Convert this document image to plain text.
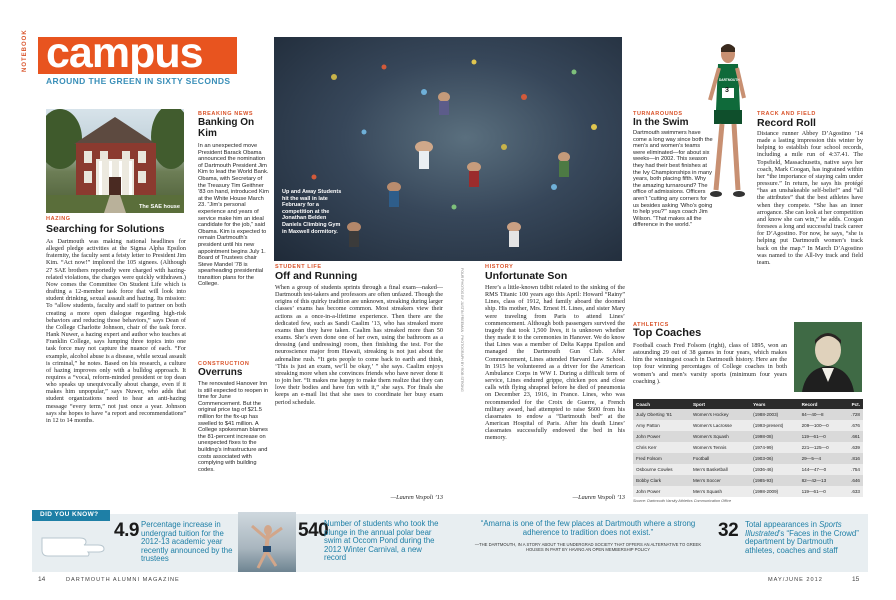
NOTEBOOK campus
AROUND THE GREEN IN SIXTY SECONDS
The SAE house
HAZING
Searching for Solutions
As Dartmouth was making national headlines for alleged pledge activities at the Sigma Alpha Epsilon fraternity, the faculty sent a feisty letter to President Jim Kim. “Act now!” implored the 105 signees. (Although 27 SAE brothers reportedly were charged with hazing-related violations, the charges were quickly withdrawn.) Now comes the Committee On Student Life which is drafting a 12-member task force that will look into student drinking, sexual assault and hazing. Its mission: To “allow students, faculty and staff to partner on both creating a more open dialogue regarding high-risk behaviors and reducing those behaviors,” says Dean of the College Charlotte Johnson, chair of the task force. Hank Nuwer, a hazing expert and author who teaches at Franklin College, says lumping three topics into one task force may not capture the nuance of each. “For example, alcohol abuse is a disease, while sexual assault is criminal,” he notes. Based on his research, a culture of hazing improves only with a bulldog approach. It requires a “vocal, reform-minded president or top dean who speaks up unequivocally about change, even if it makes him unpopular,” says Nuwer, who adds that student organizations need to hear an anti-hazing message “every term,” not just once a year. Johnson says she hopes to have “a report and recommendations” in 12 to 14 months.
BREAKING NEWS
Banking On Kim
In an unexpected move President Barack Obama announced the nomination of Dartmouth President Jim Kim to lead the World Bank. Obama, with Secretary of the Treasury Tim Geithner ’83 on hand, introduced Kim at the White House March 23. “Jim’s personal experience and years of service make him an ideal candidate for the job,” said Obama. Kim is expected to remain Dartmouth’s president until his new appointment begins July 1. Board of Trustees chair Steve Mandel ’78 is spearheading presidential transition plans for the College.
CONSTRUCTION
Overruns
The renovated Hanover Inn is still expected to reopen in time for June Commencement. But the original price tag of $21.5 million for the fix-up has swelled to $41 million. A College spokesman blames the 81-percent increase on unexpected fixes to the building’s infrastructure and costs associated with complying with building codes.
Up and Away Students hit the wall in late February for a competition at the Jonathan Belden Daniels Climbing Gym in Maxwell dormitory.
FOUR PHOTOS BY JUSTIN FREEMAN · PHOTOGRAPH BY ROB STRONG
STUDENT LIFE
Off and Running
When a group of students sprints through a final exam—naked—Dartmouth test-takers and professors are often unfazed. Though the origins of this quirky tradition are unknown, streaking during larger classes’ exams has become common. Most streakers view their actions as a once-in-a-lifetime experience. Then there are the dedicated few, such as Sandi Caalim ’13, who has streaked more exams than they have taken. Caalim has streaked more than 50 exams. She’s even done one of her own, using the bathroom as a dressing (and undressing) room, then finishing the test. For the neuroscience major from Hawaii, streaking is not just about the adrenaline rush. “It gets people to come back to earth and think, ‘This is just an exam, we’ll be okay,’ ” she says. Caalim enjoys streaking more when she convinces friends who have never done it to join her. “It makes me happy to make them realize that they can love their bodies and have fun with it,” she says. For finals she keeps an e-mail list that she uses to coordinate her busy exam period schedule.
—Lauren Vespoli ’13
HISTORY
Unfortunate Son
Here’s a little-known tidbit related to the sinking of the RMS Titanic 100 years ago this April: Howard “Rainy” Lines, class of 1912, had family aboard the doomed ship. His mother, Mrs. Ernest H. Lines, and sister Mary were traveling from Paris to attend Lines’ commencement. Although both passengers survived the tragedy that took 1,500 lives, it is unknown whether they made it to the ceremonies in Hanover. We do know that Lines was a member of Delta Kappa Epsilon and managed the Dartmouth Gun Club. After Commencement, Lines attended Harvard Law School. In 1915 he volunteered as a driver for the American Ambulance Corps in WW I. During a difficult term of service, Lines endured grippe, chicken pox and close calls with flying shrapnel before he died of pneumonia on December 23, 1916, in France. Lines, who was recommended for the Croix de Guerre, a French military award, had attempted to raise $600 from his classmates to endow a “Dartmouth bed” at the American Hospital of Paris. After his death Lines’ classmates successfully endowed the bed in his memory.
—Lauren Vespoli ’13
TURNAROUNDS
In the Swim
Dartmouth swimmers have come a long way since both the men’s and women’s teams were eliminated—for about six weeks—in 2002. This season they had their best finishes at the Ivy Championships in many years, both placing fifth. Why the amazing turnaround? The office of admissions. Officers aren’t “cutting any corners for us besides asking ‘Who’s going to help you?’” says coach Jim Wilson. “That makes all the difference in the world.”
DARTMOUTH
3
TRACK AND FIELD
Record Roll
Distance runner Abbey D’Agostino ’14 made a lasting impression this winter by helping to establish four school records, including a mile run of 4:37.41. The Topsfield, Massachusetts, native says her coach, Mark Coogan, has ingrained within her “the importance of staying calm under pressure.” In return, he says his protégé “has an unshakeable self-belief” and “all the attributes” that the best athletes have when they compete. “She has an inner arrogance. She can look at her competition and know she can win,” he adds. Coogan foresees a long and successful track career for D’Agostino. For now, he says, “she is helping put Dartmouth women’s track back on the map.” In March D’Agostino was named to the All-Ivy track and field team.
ATHLETICS
Top Coaches
Football coach Fred Folsom (right), class of 1895, won an astounding 29 out of 38 games in four years, which makes him the winningest coach in Dartmouth history. Here are the top four winning percentages of College coaches in both women’s and men’s varsity sports (minimum four years coaching ).
Coach	Sport	Years	Record	Pct.
Judy Oberting ’81	Women’s Hockey	(1988-2003)	84—40—8	.728
Amy Patton	Women’s Lacrosse	(1993-present)	209—100—0	.676
John Power	Women’s Squash	(1998-08)	119—61—0	.661
Chris Kerr	Women’s Tennis	(1974-99)	221—125—0	.639
Fred Folsom	Football	(1903-06)	29—5—4	.816
Osbourne Cowles	Men’s Basketball	(1936-46)	144—47—0	.754
Bobby Clark	Men’s Soccer	(1985-93)	82—42—13	.646
John Power	Men’s Squash	(1998-2009)	119—61—0	.633
Source: Dartmouth Varsity Athletics Communication Office
DID YOU KNOW?
4.9 Percentage increase in undergrad tuition for the 2012-13 academic year recently announced by the trustees
540
Number of students who took the plunge in the annual polar bear swim at Occom Pond during the 2012 Winter Carnival, a new record
“Amarna is one of the few places at Dartmouth where a strong adherence to tradition does not exist.”
—THE DARTMOUTH, IN A STORY ABOUT THE UNDERGRAD SOCIETY THAT OFFERS AN ALTERNATIVE TO GREEK HOUSES IN PART BY HAVING AN OPEN MEMBERSHIP POLICY
32 Total appearances in Sports Illustrated’s “Faces in the Crowd” department by Dartmouth athletes, coaches and staff
14	DARTMOUTH ALUMNI MAGAZINE	MAY/JUNE 2012	15
